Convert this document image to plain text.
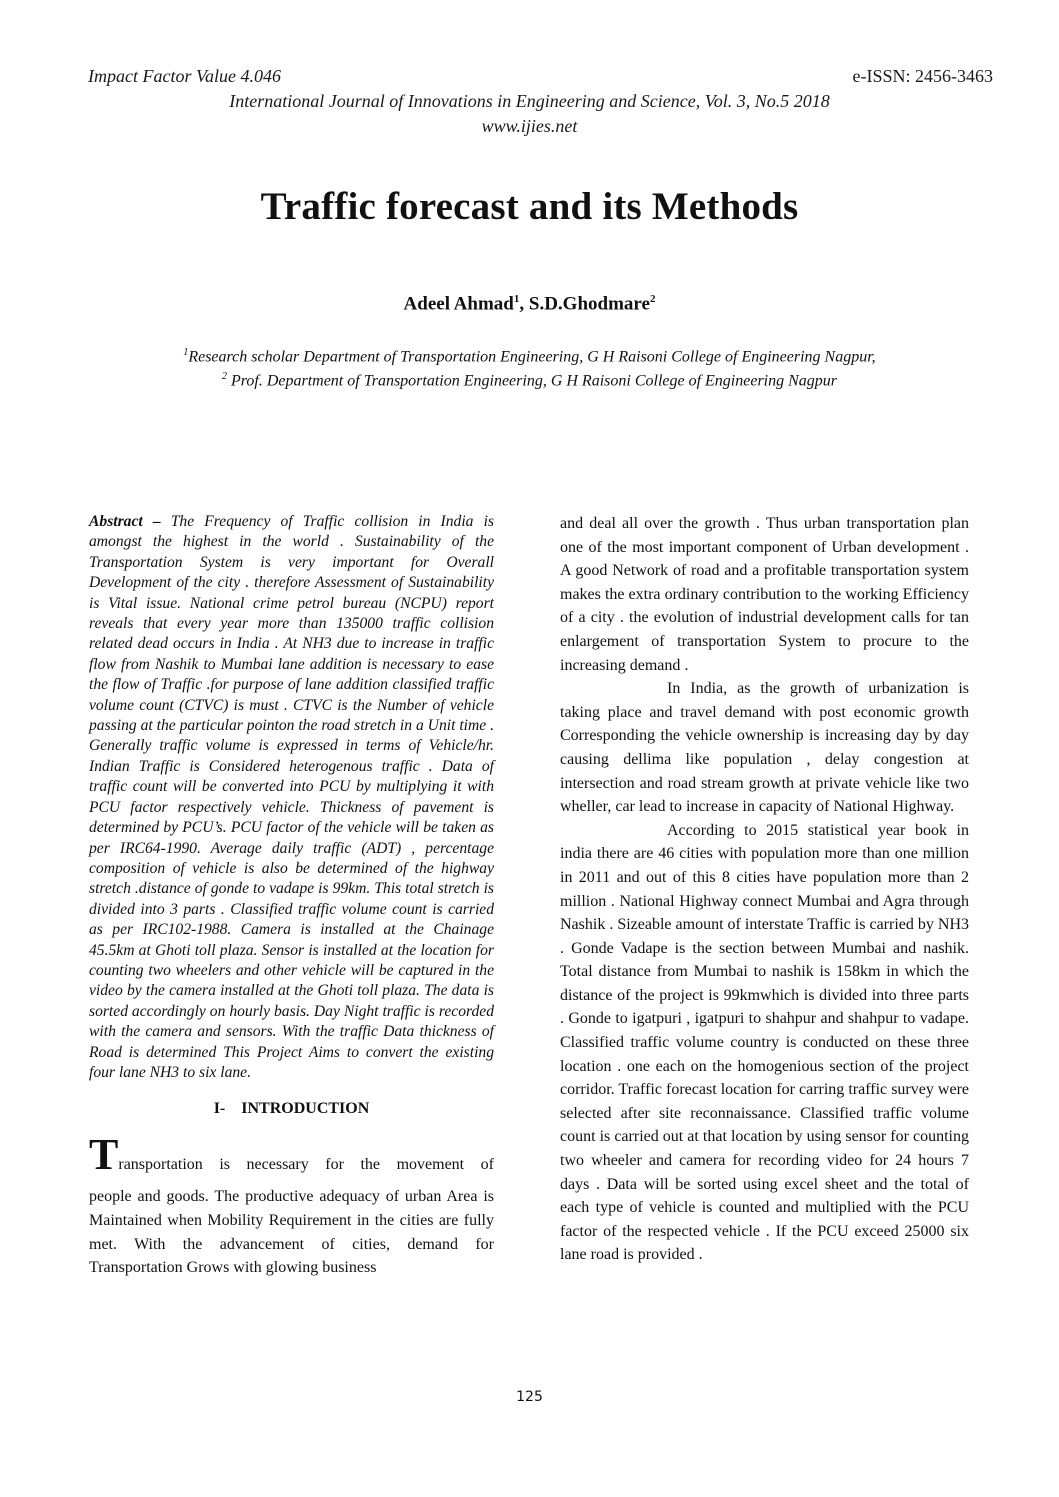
Impact Factor Value 4.046	e-ISSN: 2456-3463
International Journal of Innovations in Engineering and Science, Vol. 3, No.5 2018
www.ijies.net
Traffic forecast and its Methods
Adeel Ahmad$^1$, S.D.Ghodmare$^2$
$^1$Research scholar Department of Transportation Engineering, G H Raisoni College of Engineering Nagpur,
$^2$ Prof. Department of Transportation Engineering, G H Raisoni College of Engineering Nagpur

Abstract – The Frequency of Traffic collision in India is amongst the highest in the world . Sustainability of the Transportation System is very important for Overall Development of the city . therefore Assessment of Sustainability is Vital issue. National crime petrol bureau (NCPU) report reveals that every year more than 135000 traffic collision related dead occurs in India . At NH3 due to increase in traffic flow from Nashik to Mumbai lane addition is necessary to ease the flow of Traffic .for purpose of lane addition classified traffic volume count (CTVC) is must . CTVC is the Number of vehicle passing at the particular pointon the road stretch in a Unit time . Generally traffic volume is expressed in terms of Vehicle/hr. Indian Traffic is Considered heterogenous traffic . Data of traffic count will be converted into PCU by multiplying it with PCU factor respectively vehicle. Thickness of pavement is determined by PCU’s. PCU factor of the vehicle will be taken as per IRC64-1990. Average daily traffic (ADT) , percentage composition of vehicle is also be determined of the highway stretch .distance of gonde to vadape is 99km. This total stretch is divided into 3 parts . Classified traffic volume count is carried as per IRC102-1988. Camera is installed at the Chainage 45.5km at Ghoti toll plaza. Sensor is installed at the location for counting two wheelers and other vehicle will be captured in the video by the camera installed at the Ghoti toll plaza. The data is sorted accordingly on hourly basis. Day Night traffic is recorded with the camera and sensors. With the traffic Data thickness of Road is determined This Project Aims to convert the existing four lane NH3 to six lane.

I- INTRODUCTION

Transportation is necessary for the movement of
people and goods. The productive adequacy of urban Area is Maintained when Mobility Requirement in the cities are fully met. With the advancement of cities, demand for Transportation Grows with glowing business

and deal all over the growth . Thus urban transportation plan one of the most important component of Urban development . A good Network of road and a profitable transportation system makes the extra ordinary contribution to the working Efficiency of a city . the evolution of industrial development calls for tan enlargement of transportation System to procure to the increasing demand .

In India, as the growth of urbanization is taking place and travel demand with post economic growth Corresponding the vehicle ownership is increasing day by day causing dellima like population , delay congestion at intersection and road stream growth at private vehicle like two wheller, car lead to increase in capacity of National Highway.

According to 2015 statistical year book in india there are 46 cities with population more than one million in 2011 and out of this 8 cities have population more than 2 million . National Highway connect Mumbai and Agra through Nashik . Sizeable amount of interstate Traffic is carried by NH3 . Gonde Vadape is the section between Mumbai and nashik. Total distance from Mumbai to nashik is 158km in which the distance of the project is 99kmwhich is divided into three parts . Gonde to igatpuri , igatpuri to shahpur and shahpur to vadape. Classified traffic volume country is conducted on these three location . one each on the homogenious section of the project corridor. Traffic forecast location for carring traffic survey were selected after site reconnaissance. Classified traffic volume count is carried out at that location by using sensor for counting two wheeler and camera for recording video for 24 hours 7 days . Data will be sorted using excel sheet and the total of each type of vehicle is counted and multiplied with the PCU factor of the respected vehicle . If the PCU exceed 25000 six lane road is provided .

125
